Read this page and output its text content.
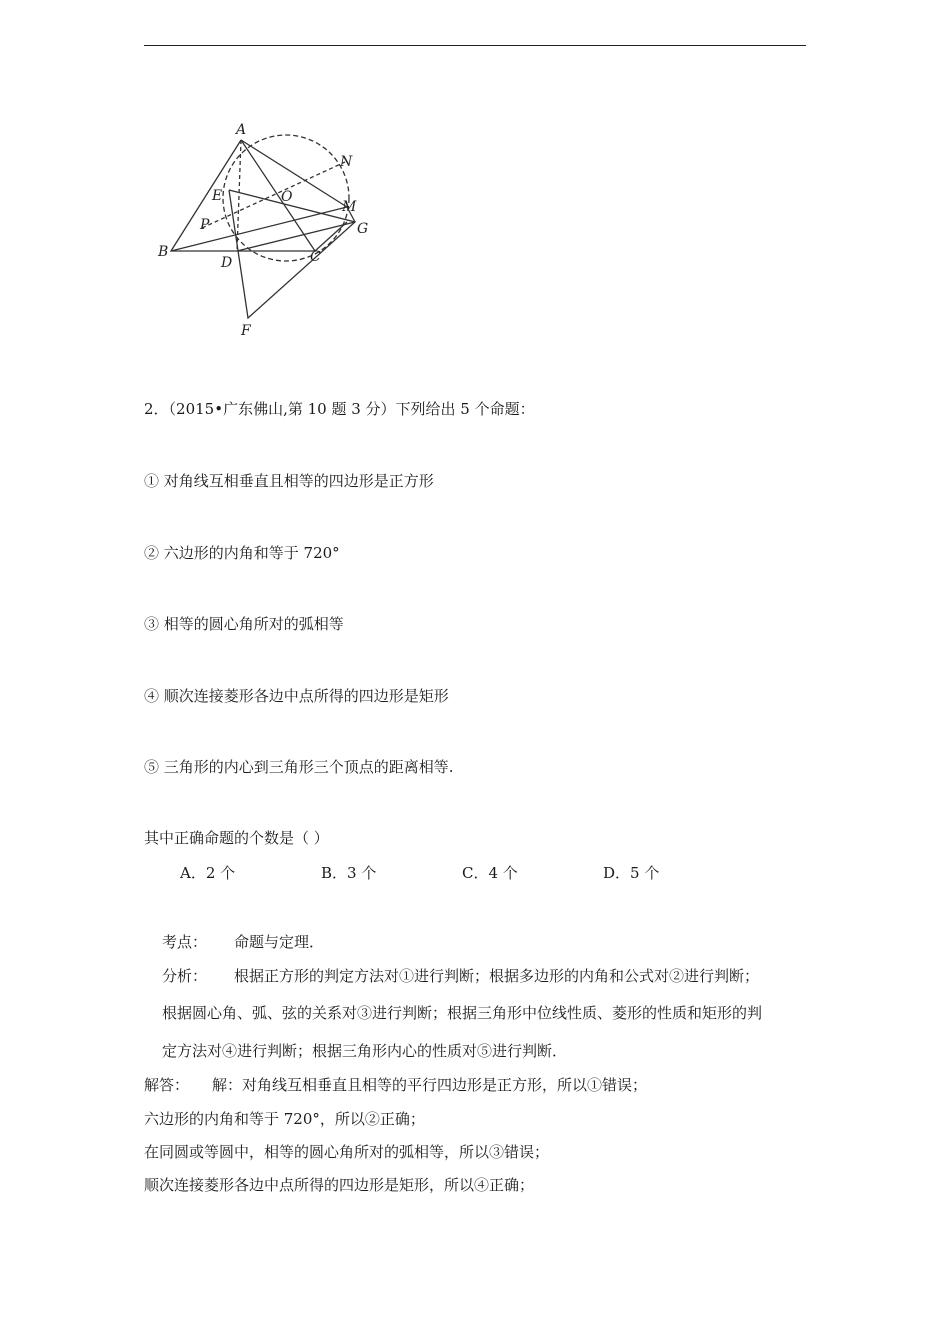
A
N
E	O
M
P	G
B
D	C
F
2．（2015•广东佛山,第 10 题 3 分）下列给出 5 个命题：
① 对角线互相垂直且相等的四边形是正方形
② 六边形的内角和等于 720°
③ 相等的圆心角所对的弧相等
④ 顺次连接菱形各边中点所得的四边形是矩形
⑤ 三角形的内心到三角形三个顶点的距离相等.
其中正确命题的个数是（ ）
A．2 个	B．3 个	C．4 个	D．5 个
考点： 命题与定理．
分析： 根据正方形的判定方法对①进行判断；根据多边形的内角和公式对②进行判断；
根据圆心角、弧、弦的关系对③进行判断；根据三角形中位线性质、菱形的性质和矩形的判
定方法对④进行判断；根据三角形内心的性质对⑤进行判断．
解答： 解：对角线互相垂直且相等的平行四边形是正方形，所以①错误；
六边形的内角和等于 720°，所以②正确；
在同圆或等圆中，相等的圆心角所对的弧相等，所以③错误；
顺次连接菱形各边中点所得的四边形是矩形，所以④正确；
